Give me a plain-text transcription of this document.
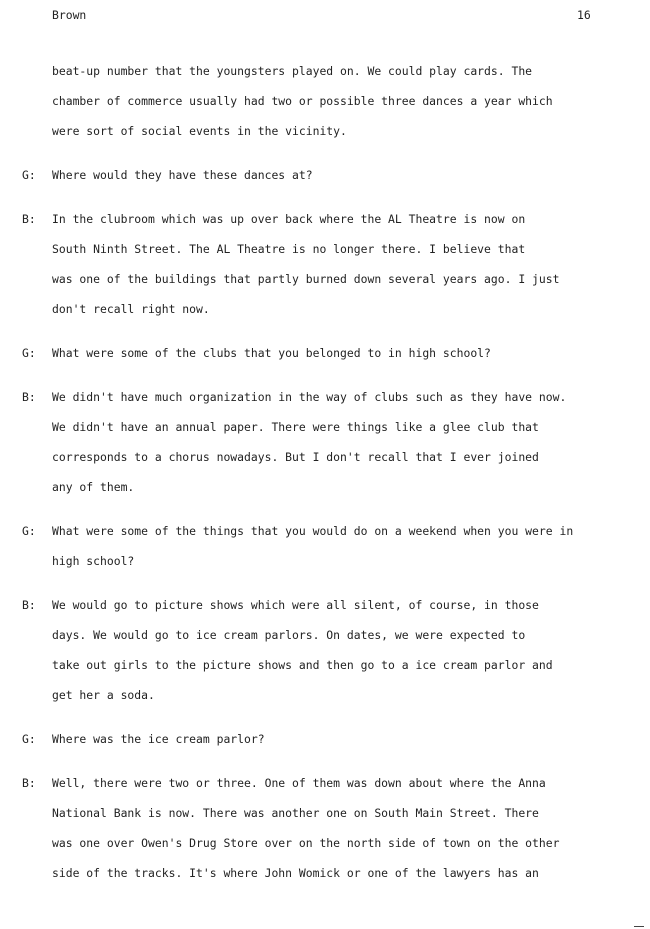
Brown	16
beat-up number that the youngsters played on. We could play cards. The
chamber of commerce usually had two or possible three dances a year which
were sort of social events in the vicinity.
G: Where would they have these dances at?
B: In the clubroom which was up over back where the AL Theatre is now on
South Ninth Street. The AL Theatre is no longer there. I believe that
was one of the buildings that partly burned down several years ago. I just
don't recall right now.
G: What were some of the clubs that you belonged to in high school?
B: We didn't have much organization in the way of clubs such as they have now.
We didn't have an annual paper. There were things like a glee club that
corresponds to a chorus nowadays. But I don't recall that I ever joined
any of them.
G: What were some of the things that you would do on a weekend when you were in
high school?
B: We would go to picture shows which were all silent, of course, in those
days. We would go to ice cream parlors. On dates, we were expected to
take out girls to the picture shows and then go to a ice cream parlor and
get her a soda.
G: Where was the ice cream parlor?
B: Well, there were two or three. One of them was down about where the Anna
National Bank is now. There was another one on South Main Street. There
was one over Owen's Drug Store over on the north side of town on the other
side of the tracks. It's where John Womick or one of the lawyers has an
